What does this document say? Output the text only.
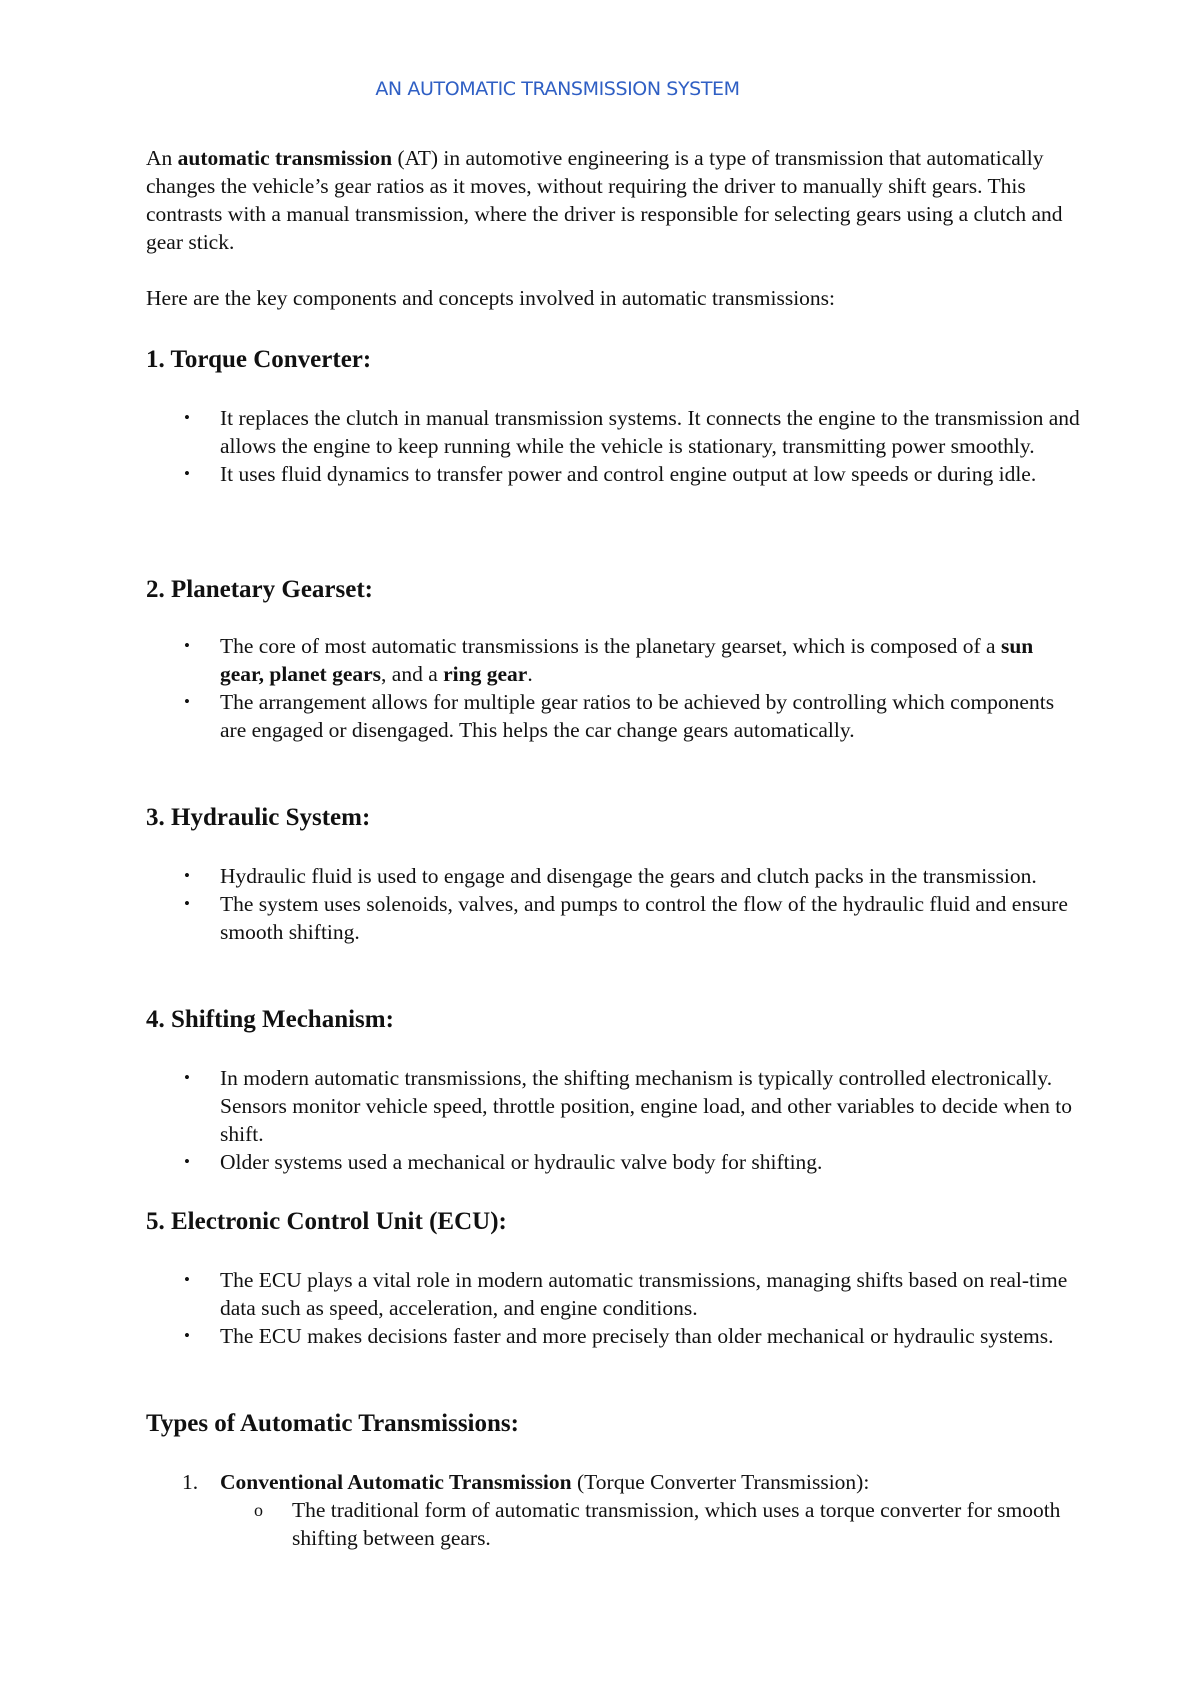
AN AUTOMATIC TRANSMISSION SYSTEM
An automatic transmission (AT) in automotive engineering is a type of transmission that automatically changes the vehicle’s gear ratios as it moves, without requiring the driver to manually shift gears. This contrasts with a manual transmission, where the driver is responsible for selecting gears using a clutch and gear stick.
Here are the key components and concepts involved in automatic transmissions:
1. Torque Converter:
• It replaces the clutch in manual transmission systems. It connects the engine to the transmission and allows the engine to keep running while the vehicle is stationary, transmitting power smoothly.
• It uses fluid dynamics to transfer power and control engine output at low speeds or during idle.
2. Planetary Gearset:
• The core of most automatic transmissions is the planetary gearset, which is composed of a sun gear, planet gears, and a ring gear.
• The arrangement allows for multiple gear ratios to be achieved by controlling which components are engaged or disengaged. This helps the car change gears automatically.
3. Hydraulic System:
• Hydraulic fluid is used to engage and disengage the gears and clutch packs in the transmission.
• The system uses solenoids, valves, and pumps to control the flow of the hydraulic fluid and ensure smooth shifting.
4. Shifting Mechanism:
• In modern automatic transmissions, the shifting mechanism is typically controlled electronically. Sensors monitor vehicle speed, throttle position, engine load, and other variables to decide when to shift.
• Older systems used a mechanical or hydraulic valve body for shifting.
5. Electronic Control Unit (ECU):
• The ECU plays a vital role in modern automatic transmissions, managing shifts based on real-time data such as speed, acceleration, and engine conditions.
• The ECU makes decisions faster and more precisely than older mechanical or hydraulic systems.
Types of Automatic Transmissions:
1. Conventional Automatic Transmission (Torque Converter Transmission):
o	The traditional form of automatic transmission, which uses a torque converter for smooth shifting between gears.
